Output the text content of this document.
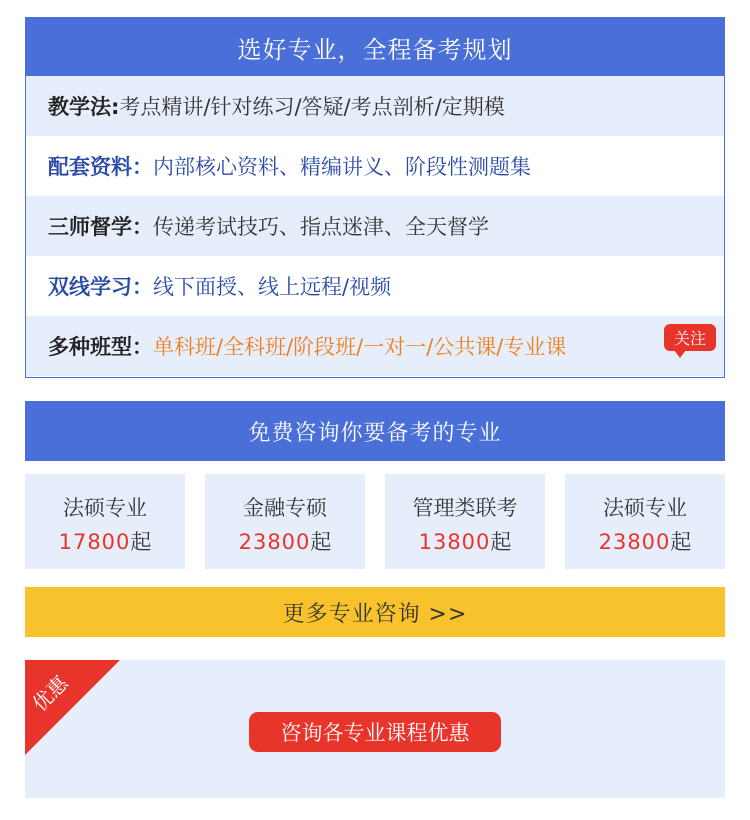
选好专业，全程备考规划
教学法: 考点精讲/针对练习/答疑/考点剖析/定期模
配套资料： 内部核心资料、精编讲义、阶段性测题集
三师督学： 传递考试技巧、指点迷津、全天督学
双线学习： 线下面授、线上远程/视频
多种班型： 单科班/全科班/阶段班/一对一/公共课/专业课	关注
免费咨询你要备考的专业
法硕专业
17800起
金融专硕
23800起
管理类联考
13800起
法硕专业
23800起
更多专业咨询 >>
优惠
咨询各专业课程优惠
